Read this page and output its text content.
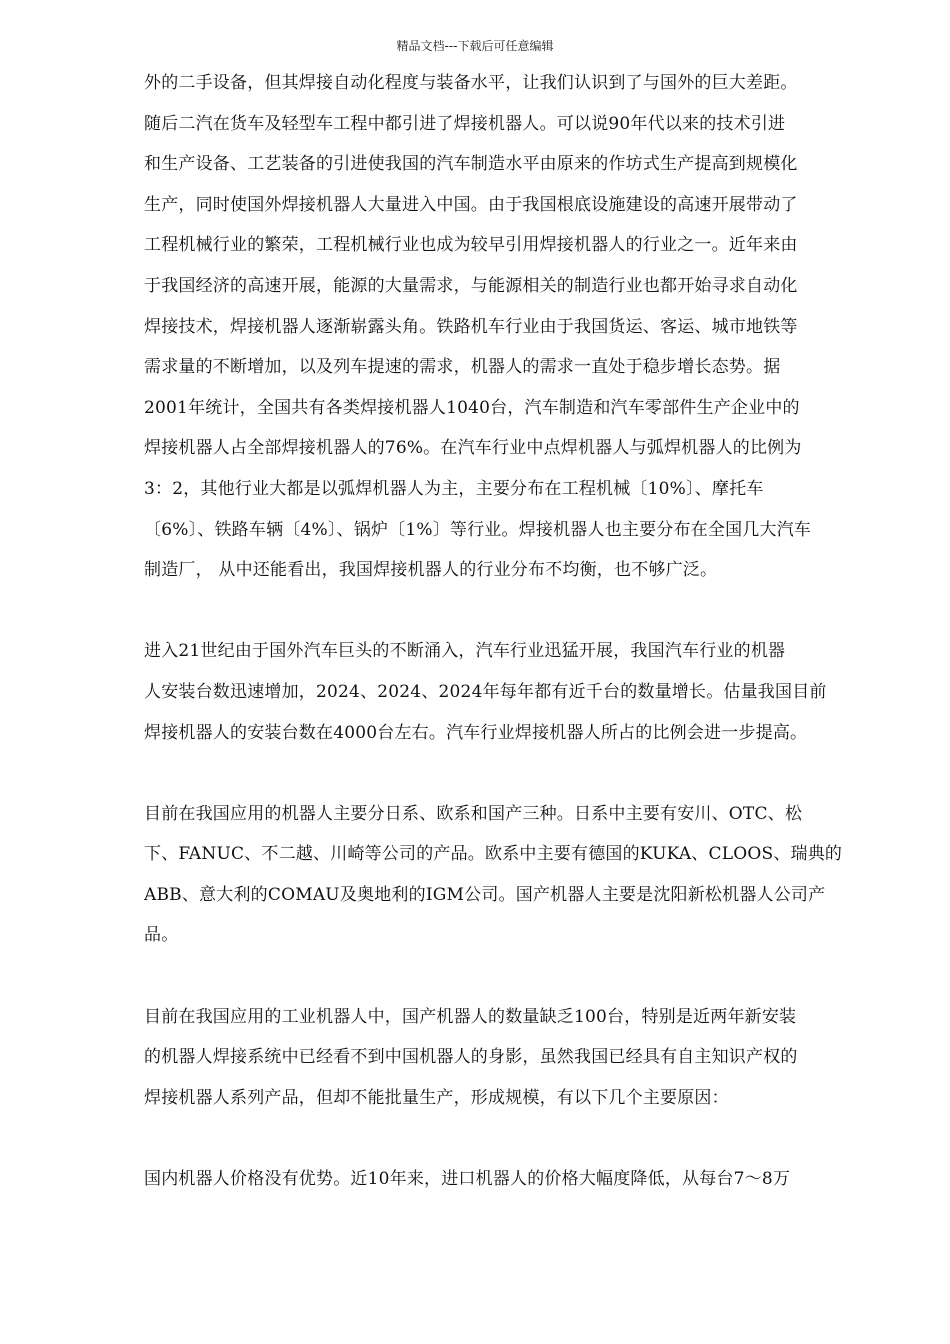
精品文档---下载后可任意编辑
外的二手设备，但其焊接自动化程度与装备水平，让我们认识到了与国外的巨大差距。
随后二汽在货车及轻型车工程中都引进了焊接机器人。可以说90年代以来的技术引进
和生产设备、工艺装备的引进使我国的汽车制造水平由原来的作坊式生产提高到规模化
生产，同时使国外焊接机器人大量进入中国。由于我国根底设施建设的高速开展带动了
工程机械行业的繁荣，工程机械行业也成为较早引用焊接机器人的行业之一。近年来由
于我国经济的高速开展，能源的大量需求，与能源相关的制造行业也都开始寻求自动化
焊接技术，焊接机器人逐渐崭露头角。铁路机车行业由于我国货运、客运、城市地铁等
需求量的不断增加，以及列车提速的需求，机器人的需求一直处于稳步增长态势。据
2001年统计，全国共有各类焊接机器人1040台，汽车制造和汽车零部件生产企业中的
焊接机器人占全部焊接机器人的76%。在汽车行业中点焊机器人与弧焊机器人的比例为
3：2，其他行业大都是以弧焊机器人为主，主要分布在工程机械〔10%〕、摩托车
〔6%〕、铁路车辆〔4%〕、锅炉〔1%〕等行业。焊接机器人也主要分布在全国几大汽车
制造厂， 从中还能看出，我国焊接机器人的行业分布不均衡，也不够广泛。
进入21世纪由于国外汽车巨头的不断涌入，汽车行业迅猛开展，我国汽车行业的机器
人安装台数迅速增加，2024、2024、2024年每年都有近千台的数量增长。估量我国目前
焊接机器人的安装台数在4000台左右。汽车行业焊接机器人所占的比例会进一步提高。
目前在我国应用的机器人主要分日系、欧系和国产三种。日系中主要有安川、OTC、松
下、FANUC、不二越、川崎等公司的产品。欧系中主要有德国的KUKA、CLOOS、瑞典的
ABB、意大利的COMAU及奥地利的IGM公司。国产机器人主要是沈阳新松机器人公司产
品。
目前在我国应用的工业机器人中，国产机器人的数量缺乏100台，特别是近两年新安装
的机器人焊接系统中已经看不到中国机器人的身影，虽然我国已经具有自主知识产权的
焊接机器人系列产品，但却不能批量生产，形成规模，有以下几个主要原因：
国内机器人价格没有优势。近10年来，进口机器人的价格大幅度降低，从每台7～8万
